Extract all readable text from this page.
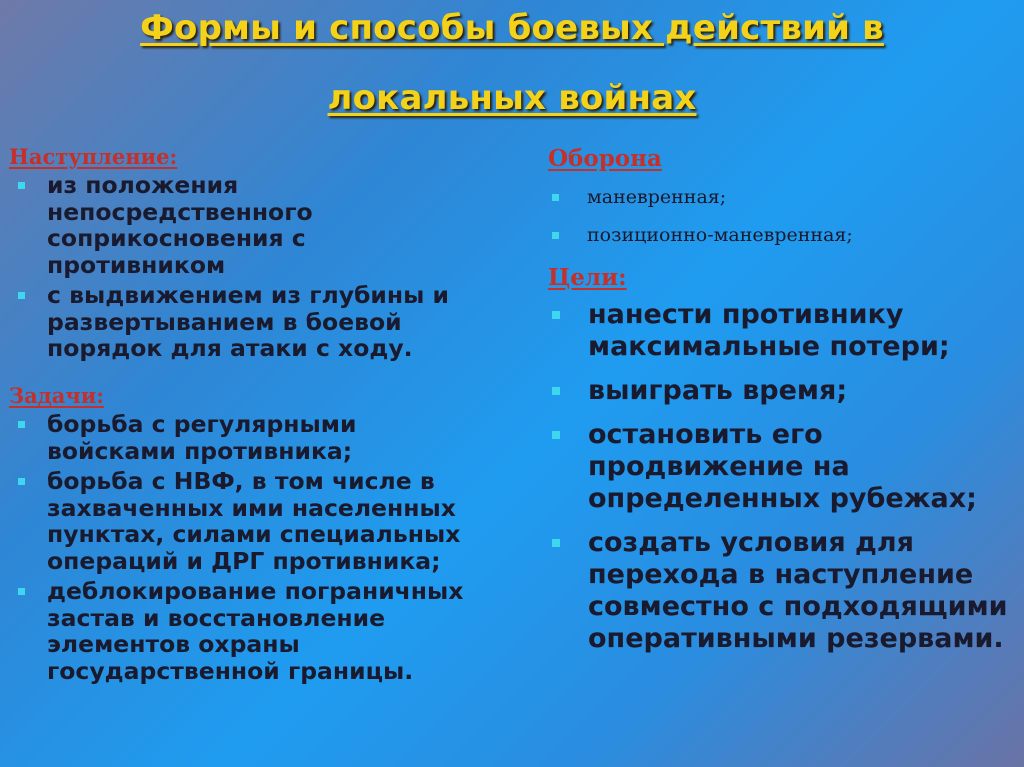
Формы и способы боевых действий в
локальных войнах
Наступление:
из положения непосредственного соприкосновения с противником
с выдвижением из глубины и развертыванием в боевой порядок для атаки с ходу.
Задачи:
борьба с регулярными войсками противника;
борьба с НВФ, в том числе в захваченных ими населенных пунктах, силами специальных операций и ДРГ противника;
деблокирование пограничных застав и восстановление элементов охраны государственной границы.
Оборона
маневренная;
позиционно-маневренная;
Цели:
нанести противнику максимальные потери;
выиграть время;
остановить его продвижение на определенных рубежах;
создать условия для перехода в наступление совместно с подходящими оперативными резервами.
